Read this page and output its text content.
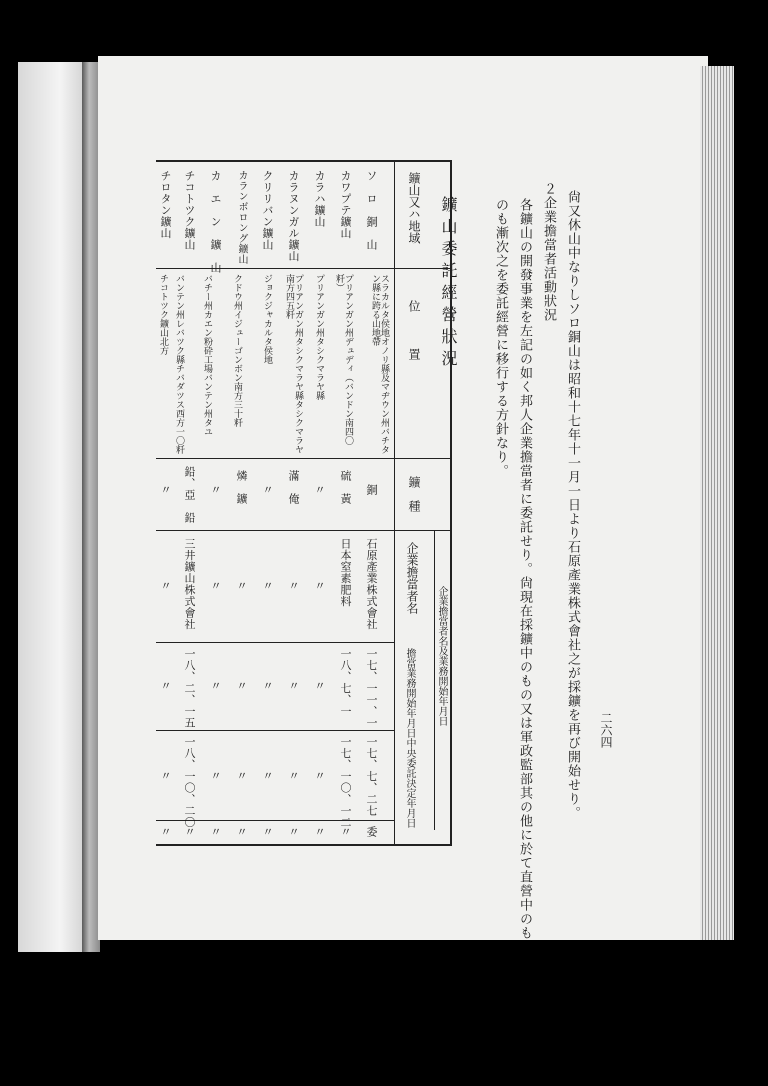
二六四
尙又休山中なりしソロ銅山は昭和十七年十一月一日より石原產業株式會社之が採鑛を再び開始せり。
２企業擔當者活動狀況
各鑛山の開發事業を左記の如く邦人企業擔當者に委託せり。尙現在採鑛中のもの又は軍政監部其の他に於て直營中のも
のも漸次之を委託經營に移行する方針なり。
鑛山委託經營狀況
鑛山又ハ地域
位　　　置
鑛　種
企業擔當者名及業務開始年月日
企業擔當者名
擔當業務開始年月日
中央委託決定年月日
ソ　ロ　銅　山
カワプテ鑛山
カラハ鑛山
カラヌンガル鑛山
クリリバン鑛山
カランボロング鑛山
カ　エ　ン　鑛　山
チコトツク鑛山
チロタン鑛山
スラカルタ侯地オノリ縣及マヂウン州バチタン縣に跨る山地帶
プリアンガン州デュディ（バンドン南四〇粁）
プリアンガン州タシクマラヤ縣
プリアンガン州タシクマラヤ縣タシクマラヤ南方四五粁
ジョクジャカルタ侯地
クドウ州イジューゴンボン南方三十粁
バチー州カエン粉砕工場バンテン州タユ
バンテン州レバツク縣チバダツス西方一〇粁
チコトツク鑛山北方
銅
硫　黃
〃
滿　俺
〃
燐　鑛
〃
鉛、亞　鉛
〃
石原產業株式會社
日本窒素肥料
〃
〃
〃
〃
〃
三井鑛山株式會社
〃
一七、一一、一
一八、七、一
〃
〃
〃
〃
〃
一八、二、一五
〃
一七、七、二七
一七、一〇、一二
〃
〃
〃
〃
〃
一八、一〇、二〇
〃
委
〃
〃
〃
〃
〃
〃
〃
〃
